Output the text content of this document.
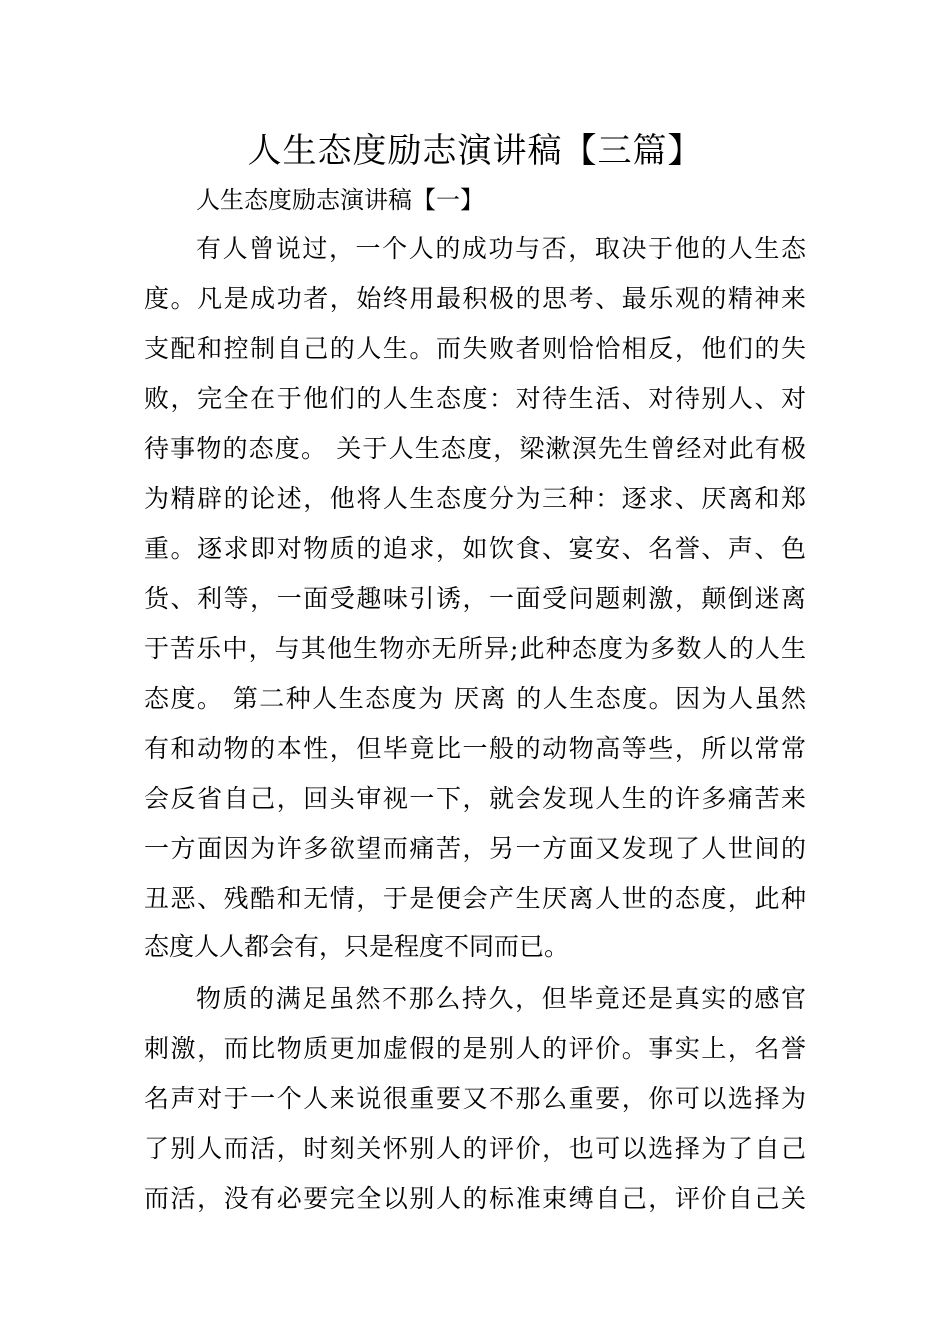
人生态度励志演讲稿【三篇】

人生态度励志演讲稿【一】

有人曾说过，一个人的成功与否，取决于他的人生态

度。凡是成功者，始终用最积极的思考、最乐观的精神来

支配和控制自己的人生。而失败者则恰恰相反，他们的失

败，完全在于他们的人生态度：对待生活、对待别人、对

待事物的态度。 关于人生态度，梁漱溟先生曾经对此有极

为精辟的论述，他将人生态度分为三种：逐求、厌离和郑

重。逐求即对物质的追求，如饮食、宴安、名誉、声、色

货、利等，一面受趣味引诱，一面受问题刺激，颠倒迷离

于苦乐中，与其他生物亦无所异;此种态度为多数人的人生

态度。 第二种人生态度为 厌离 的人生态度。因为人虽然

有和动物的本性，但毕竟比一般的动物高等些，所以常常

会反省自己，回头审视一下，就会发现人生的许多痛苦来

一方面因为许多欲望而痛苦，另一方面又发现了人世间的

丑恶、残酷和无情，于是便会产生厌离人世的态度，此种

态度人人都会有，只是程度不同而已。

物质的满足虽然不那么持久，但毕竟还是真实的感官

刺激，而比物质更加虚假的是别人的评价。事实上，名誉

名声对于一个人来说很重要又不那么重要，你可以选择为

了别人而活，时刻关怀别人的评价，也可以选择为了自己

而活，没有必要完全以别人的标准束缚自己，评价自己关
